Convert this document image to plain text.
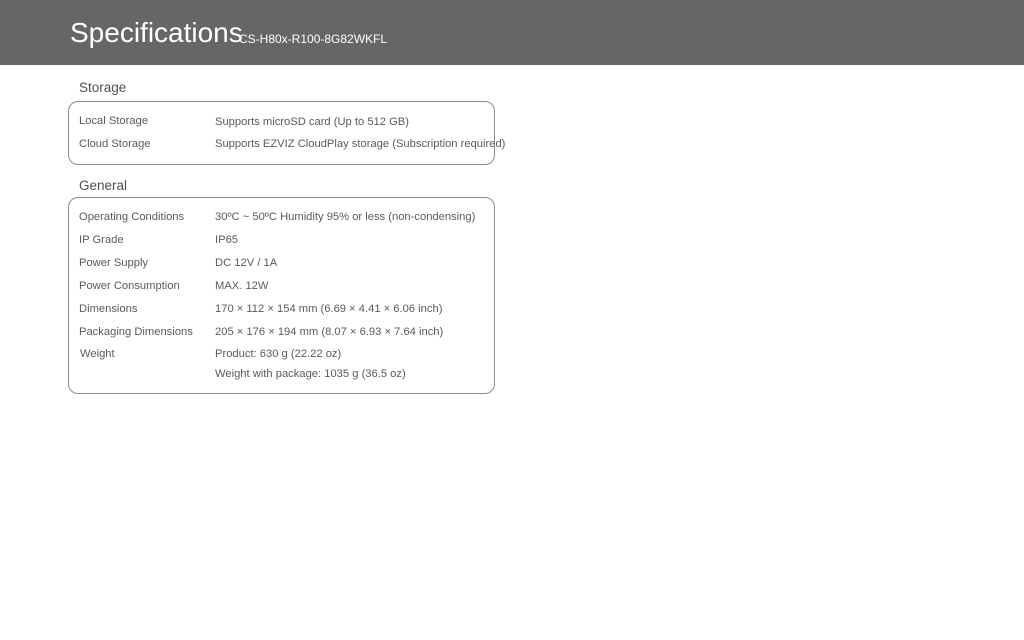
Specifications
CS-H80x-R100-8G82WKFL
Storage
Local Storage	Supports microSD card (Up to 512 GB)
Cloud Storage	Supports EZVIZ CloudPlay storage (Subscription required)
General
Operating Conditions	30ºC ~ 50ºC Humidity 95% or less (non-condensing)
IP Grade	IP65
Power Supply	DC 12V / 1A
Power Consumption	MAX. 12W
Dimensions	170 × 112 × 154 mm (6.69 × 4.41 × 6.06 inch)
Packaging Dimensions 205 × 176 × 194 mm (8.07 × 6.93 × 7.64 inch)
Weight	Product: 630 g (22.22 oz)
Weight with package: 1035 g (36.5 oz)
